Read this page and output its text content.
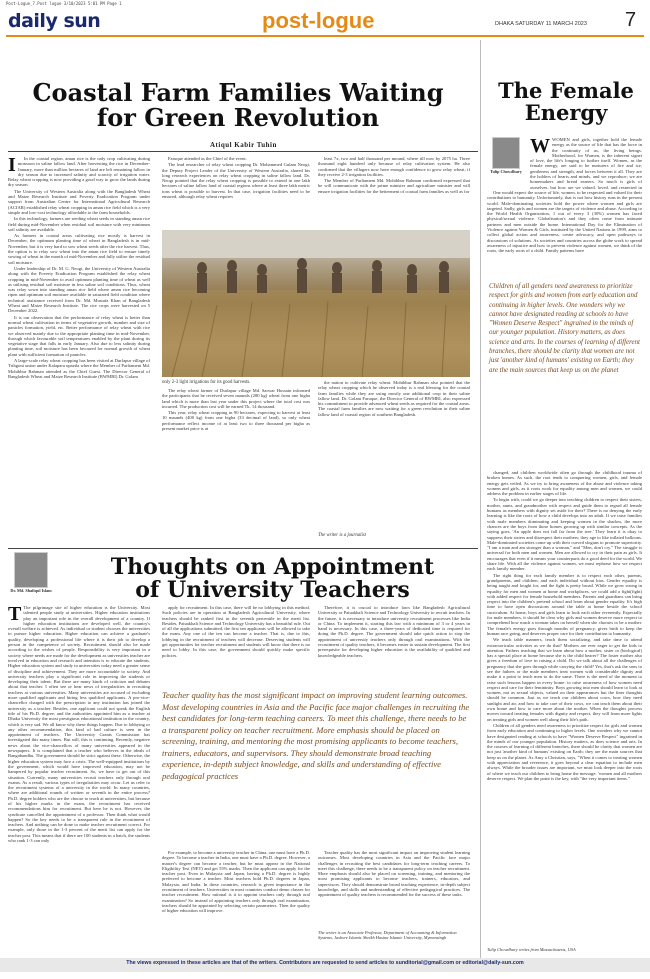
Post-Logue_7.Post logue 3/10/2023 5:01 PM Page 1
daily sun	post-logue	DHAKA SATURDAY 11 MARCH 2023 7
Coastal Farm Families Waiting
for Green Revolution
Atiqul Kabir Tuhin
I	In the coastal region, aman rice is the only crop cultivating during monsoon in saline fallow land. After harvesting the rice in December-January, more than million hectares of land are left remaining fallow in dry season due to increased salinity and scarcity of irrigation water. Relay wheat cropping is now providing a good way to grow the lands during dry season.

The University of Western Australia along with the Bangladesh Wheat and Maize Research Institute and Poverty Eradication Program under support from Australian Centre for International Agricultural Research (ACIAR) established relay wheat cropping in aman rice field which is a very simple and low-cost technology affordable to the farm households.

In this technology, farmers are seeding wheat seeds in standing aman rice field during mid-November when residual soil moisture with very minimum soil salinity are available.

As farmers in coastal areas cultivating rice mostly is harvest in December, the optimum planting time of wheat in Bangladesh is in mid-November, but it is very hard to sow wheat seeds after the rice harvest. Thus, the option is to relay sow wheat into the aman rice field to ensure timely sowing of wheat in the month of mid-November and fully utilise the residual soil moisture.

Under leadership of Dr. M. G. Neogi, the University of Western Australia along with the Poverty Eradication Program established the relay wheat cropping in mid-November to avail optimum planting time of wheat as well as utilising residual soil moisture in less saline soil conditions. Thus, wheat was relay sown into standing aman rice field where aman rice becoming ripen and optimum soil moisture available in saturated field condition where technical assistance received from Dr. Md. Mustafa Khan of Bangladesh Wheat and Maize Research Institute. The rice crops were harvested on 5 December 2022.

It is our observation that the performance of relay wheat is better than normal wheat cultivation in terms of vegetative growth, number and size of panicles formation, yield, etc. Better performance of relay wheat with rice we observed mainly due to the appropriate planting time in mid-November, through which favourable soil temperatures enabled by the plant during its vegetative stage that falls in early January. Also due to less salinity during planting time, soil moisture has been favoured for normal growth of wheat plant with sufficient formation of panicles.

A large-scale relay wheat cropping has been visited at Durlapur village of Tribgoni union under Kalapara upazila where the Member of Parliament Md. Mohibbur Rahman attended as the Chief Guest. The Director General of Bangladesh Wheat and Maize Research Institute (BWMRI) Dr. Golam

Faruque attended as the Chief of the event.

The lead researcher of relay wheat cropping Dr. Mohammed Gulam Neogi, the Deputy Project Leader of the University of Western Australia, shared his long research experiences on relay wheat cropping in saline fallow land. Dr. Neogi pointed that the relay wheat cropping is possible to extend in one lakh hectares of saline fallow land of coastal regions where at least three lakh metric tons wheat is possible to harvest. In that case, irrigation facilities need to be ensured, although relay wheat requires

least 7x, two and half thousand per mound, where till now by 2075 ha. Three thousand eight hundred only because of relay cultivation system. He also confirmed that the villagers now have enough confidence to grow relay wheat, if they receive 2-3 irrigation facilities.

The Member of Parliament Md. Mohibbur Rahman confirmed expressed that he will communicate with the prime minister and agriculture minister and will ensure irrigation facilities for the betterment of coastal farm families as well as for

only 2-3 light irrigations for its good harvests.

The relay wheat farmer of Durlapur village Md. Sarwar Hossain informed the participants that he received seven maunds (280 kg) wheat from one bigha land which is more than last year under this project where the total cost was incurred. The production cost will be earned Tk. 14 thousand.

This year, relay wheat cropping in 90 hectares, expecting to harvest at least 10 maunds (400 kg) from one bigha (33 decimal of land), so only wheat performance reflect income of at least two to three thousand per bigha as present market price is at

the nation to cultivate relay wheat. Mohibbur Rahman also pointed that the relay wheat cropping which he observed today is a real blessing for the coastal farm families while they are using mostly one additional crop in their saline fallow land. Dr. Golam Faruque, the Director General of BWMRI, also expressed his commitment to provide advanced wheat seeds as required for the coastal areas. The coastal farm families are now waiting for a green revolution in their saline fallow land of coastal region of southern Bangladesh.

The writer is a journalist
The Female
Energy
Tulip Chowdhury
W WOMEN and girls, together hold the female energy as the source of life that has the force in the continuity of us, the living beings. Motherhood, for Women, is the inherent signet of love, the life's longing to further itself. Women, as the female energy, are said to be nurturers of fire and ice, gentleness and strength, and forces between it all. They are the holders of hearts and minds, and we reproduce; we are homemakers and bread earners. So much is girls of ourselves, but how are we valued, loved, and respected in

One would expect the source of life, women, to be respected and valued for their contributions to humanity. Unfortunately, that is not how history runs in the present world. Male-dominating societies hold the power where women and girls are targeted. Sadly, girls and women are the targets of violence and abuse. According to the World Health Organization, 1 out of every 3 (30%) women has faced physical/sexual violence. Globalisation's and they often come from intimate partners and men outside the home. International Day for the Elimination of Violence against Women & Girls, instituted by the United Nations in 1999, aims to collect global action and awareness, create advocacy, and open pathways to discussions of solutions. As societies and countries across the globe work to spread awareness of injustice and how to prevent violence against women, we think of the roots, the early roots of a child. Family patterns have

Children of all genders need awareness to prioritize respect for girls and women from early education and continuing in higher levels. One wonders why we cannot have designated reading at schools to have "Women Deserve Respect" ingrained in the minds of our younger population. History matters, as does science and arts. In the courses of learning of different branches, there should be clarity that women are not just 'another kind of humans' existing on Earth; they are the main sources that keep us on the planet

changed, and children worldwide often go through the childhood trauma of broken homes. As such, the root tends to conquering women, girls, and female energy gets veiled. As we try to bring awareness of the abuse and violence taking women and girls, as it roots work for equality among men and women, we could address the problem in earlier stages of life.

To begin with, could we go deeper into teaching children to respect their sisters, mother, aunts, and grandmother with respect and guide them to regard all female humans as members with dignity set aside for their? There is no denying the early learning is like the roots of how a child develops into an adult. If we raise families with male members dominating and keeping women in the shadow, the more chances are the boys from those homes growing up with similar concepts. As the saying goes, 'An apple does not fall far from the tree.' They learn it is okay to suppress their sisters and disrespect their mothers; they age to like inflated balloons. Male-dominated societies come up with their curved slogans to promote superiority. "I am a man and am stronger than a woman," and "Men, don't cry." The struggle is universal for both men and women. Men are allowed to cry in their pain as girls. It encourages that even if it means your counterparts do a good deed for the world. We share life. With all the violence against women, we must rephrase how we respect each family member.

The right thing for each family member is to respect each other, parents, grandparents, and children, and each individual without bias. Gender equality is being taught and fought for, and the fight is pretty broad. While we grow strong in equality for men and women at home and workplaces, we could add a fight(fight) with added respect for female household members. Parents and guardians can bring respect into the children's pretend school and learn about gender equality. It's high time to have open discussions around the table at home beside the school curriculum. At home, boys and girls learn to look each other reverently. Especially for male members, it should be clear why girls and women deserve more respect to comprehend how much a woman takes on herself when she chooses to be a mother. The female's energy goes through months of pregnancy, gives birth to keep the human race going, and deserves proper care for their contribution to humanity.

We teach table manners, teach them socializing, and take time to attend extracurricular activities as we do that? Mothers are ever eager to get the kids to attention. Fathers teaching that we learn about how a mother, sister or (biological) has a special place at home because she is the child bearer? The foster mother also gives a freedom of love in raising a child. Do we talk about all the challenges of pregnancy that she goes through while carrying the child? Yes, that's ask the sons to see the fathers or the male members treat women with considerable dignity and make it a point to teach men to do the same. There is the need of the moment to raise such lessons happen in every home: to raise awareness of how women need respect and care for their femininity. Boys growing into men should learn to look at women, not as sexual objects, valued on their appearances but the finer thoughts should be common. Just as we teach our children about cows, how they need sunlight and air, and how to take care of their cows, we can teach them about their own home and how to care more about the mother. When the thoughts process moves toward treating females with dignity and respect, they will learn more lights on treating girls and women well along their life's path.

Children of all genders need awareness to prioritize respect for girls and women from early education and continuing to higher levels. One wonders why we cannot have designated reading at schools to have "Women Deserve Respect" ingrained in the minds of our younger population. History matters, as does science and arts. In the courses of learning of different branches, there should be clarity that women are not just 'another kind of humans' existing on Earth; they are the main sources that keep us on the planet. As Amy a Christian, says, "When it comes to treating women with appreciation and reverence, it goes beyond a clear equation to include men always. While the broader issues are important, we must look deeper into the roots of where we teach our children to bring home the message: 'women and all mothers deserve respect. We plan the point is the key, with "the very important items."

Tulip Chowdhury writes from Massachusetts, USA
Thoughts on Appointment
of University Teachers
Dr. Md. Shafiqul Islam
T The pilgrimage site of higher education is the University. Most talented people study at universities. Higher education institutions play an important role in the overall development of a country. If higher education institutions are developed well, the country's overall welfare is achieved. As individual or student chooses the universities to pursue higher education. Higher education can achieve a graduate's quality, developing a professional life where it is their job to develop a person in the competence of society. Recruitment should also be made according to the wishes of people. Responsibility is very important in a society where needs are made for the development as universities teacher are involved in education and research and intention is to educate the students. Higher education system and study in universities today need a greater sense of discipline and achievement. They are more accountable to society. And university teachers play a significant role in improving the students or developing their talent. But there are many kinds of criticism and debates about that teacher. I often see or hear news of irregularities in recruiting teachers at various universities. Many universities are accused of excluding more qualified applicants and hiring less qualified applicants. A pro-vice-chancellor charged with the prescription to any institution has joined the university as a teacher. Besides, one applicant could not speak the English title of his Ph.D. degree, and the authorities appointed him as a teacher at Dhaka University the most prestigious educational institution in the country, which is very sad. We all know why these things happen. Due to lobbying or any other recommendation, this kind of bad culture is seen in the appointment of teachers. The University Grants Commission has investigated this many times. But still, this is continuing. Recently, negative news about the vice-chancellors of many universities appeared in the newspapers. It is complained that a teacher who believes in the ideals of Bangabandhu. The government should be strict against these. Otherwise, the higher education system may face a crisis. The well-equipped institutions by the government, which would have improved education, may not be hampered by popular teacher recruitment. So, we have to get out of this situation. Currently, many universities recruit teachers only through oral exams. As a result, various types of irregularities may occur. Let us refer to the recruitment systems of a university in the world. In many countries, where are additional rounds of written or seventh in the entire process? Ph.D. degree holders who are the choose to teach at universities, but because of his higher marks in the exam, the recruitment has received recommendations him for recruitment. But here he is not. However, the syndicate cancelled the appointment of a professor. Then think what would happen? So the key needs to be a transparent rule in the recruitment of teachers. And nothing can be done to make teacher recruitment correct. For example, only those in the 1-3 percent of the merit list can apply for the teacher post. This means that if there are 100 students in a batch, the students who rank 1-3 can only

apply for recruitment. In this case, there will be no lobbying in this method. Such policies are in operation at Bangladesh Agricultural University, where teachers should be ranked first in the seventh percentile in the merit list. Besides, Patuakhali Science and Technology University has a beautiful rule. Out of all the applications submitted, the first ten applicants will be allowed to take the exam. Any one of the ten can become a teacher. That is, due to this, lobbying in the recruitment of teachers will decrease. Deserving students will get opportunities for teacher recruitment and students will know that there is no need to lobby. In this case, the government should quickly make specific policies.

Therefore, it is crucial to introduce laws like Bangladesh Agricultural University or Patuakhali Science and Technology University to recruit teachers. In the future, it is necessary to introduce university recruitment processes like India or China. To implement it, starting this law with a minimum of 3 or 4 years in hand is necessary. In this case, a three-years of dedicated time is required for doing the Ph.D. degree. The government should take quick action to stop the appointment of university teachers only through oral examinations. With the recruitment of quality teachers, it becomes easier to sustain development. The first prerequisite for developing higher education is the availability of qualified and knowledgeable teachers.

Teacher quality has the most significant impact on improving student learning outcomes. Most developing countries in Asia and the Pacific face major challenges in recruiting the best candidates for long-term teaching careers. To meet this challenge, there needs to be a transparent policy on teacher recruitment. More emphasis should be placed on screening, training, and mentoring the most promising applicants to become teachers, trainers, educators, and supervisors. They should demonstrate broad teaching experience, in-depth subject knowledge, and skills and understanding of effective pedagogical practices

For example, to become a university teacher in China, one must have a Ph.D. degree. To become a teacher in India, one must have a Ph.D. degree. However, a master's degree can become a teacher, but he must appear in the National Eligibility Test (NET) and get 55% marks. Then the applicant can apply for the teacher post. Even in Malaysia and Japan, having a Ph.D. degree is highly preferred to become a teacher. Most teachers hold Ph.D. degrees in Japan, Malaysia, and India. In these countries, research is given importance in the recruitment of teachers. Universities in most countries conduct demo classes for teacher recruitment. How rational is it to appoint teachers only through oral examination? So instead of appointing teachers only through oral examination, teachers should be appointed by selecting certain parameters. Then the quality of higher education will improve.

Teacher quality has the most significant impact on improving student learning outcomes. Most developing countries in Asia and the Pacific face major challenges in recruiting the best candidates for long-term teaching careers. To meet this challenge, there needs to be a transparent policy on teacher recruitment. More emphasis should also be placed on screening, training, and mentoring the most promising applicants to become teachers, trainers, educators, and supervisors. They should demonstrate broad teaching experience, in-depth subject knowledge, and skills and understanding of effective pedagogical practices. The appointment of quality teachers is recommended for the success of these tasks.

The writer is an Associate Professor, Department of Accounting & Information Systems, Jashore Islamic Sheikh Hasina Islamic University, Mymensingh
The views expressed in these articles are that of the writers. Contributors are requested to send articles to sunditorial@gmail.com or editorial@daily-sun.com
